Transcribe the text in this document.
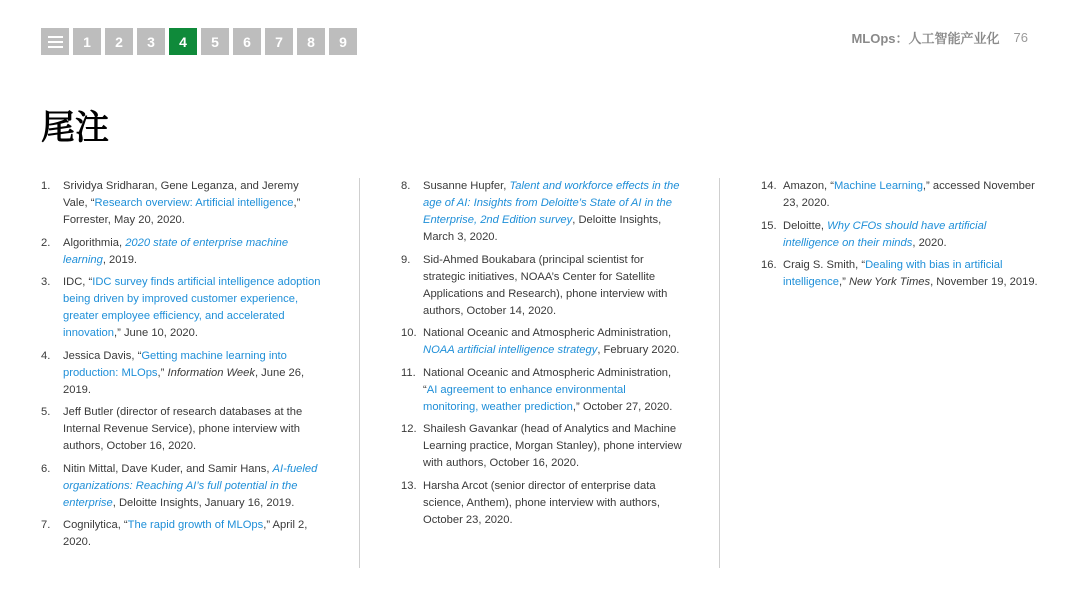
1	2	3	4	5	6	7	8	9	MLOps：人工智能产业化 76
尾注
1. Srividya Sridharan, Gene Leganza, and Jeremy Vale, “Research overview: Artificial intelligence,” Forrester, May 20, 2020.
2. Algorithmia, 2020 state of enterprise machine learning, 2019.
3. IDC, “IDC survey finds artificial intelligence adoption being driven by improved customer experience, greater employee efficiency, and accelerated innovation,” June 10, 2020.
4. Jessica Davis, “Getting machine learning into production: MLOps,” Information Week, June 26, 2019.
5. Jeff Butler (director of research databases at the Internal Revenue Service), phone interview with authors, October 16, 2020.
6. Nitin Mittal, Dave Kuder, and Samir Hans, AI-fueled organizations: Reaching AI’s full potential in the enterprise, Deloitte Insights, January 16, 2019.
7. Cognilytica, “The rapid growth of MLOps,” April 2, 2020.
8. Susanne Hupfer, Talent and workforce effects in the age of AI: Insights from Deloitte’s State of AI in the Enterprise, 2nd Edition survey, Deloitte Insights, March 3, 2020.
9. Sid-Ahmed Boukabara (principal scientist for strategic initiatives, NOAA’s Center for Satellite Applications and Research), phone interview with authors, October 14, 2020.
10. National Oceanic and Atmospheric Administration, NOAA artificial intelligence strategy, February 2020.
11. National Oceanic and Atmospheric Administration, “AI agreement to enhance environmental monitoring, weather prediction,” October 27, 2020.
12. Shailesh Gavankar (head of Analytics and Machine Learning practice, Morgan Stanley), phone interview with authors, October 16, 2020.
13. Harsha Arcot (senior director of enterprise data science, Anthem), phone interview with authors, October 23, 2020.
14. Amazon, “Machine Learning,” accessed November 23, 2020.
15. Deloitte, Why CFOs should have artificial intelligence on their minds, 2020.
16. Craig S. Smith, “Dealing with bias in artificial intelligence,” New York Times, November 19, 2019.
